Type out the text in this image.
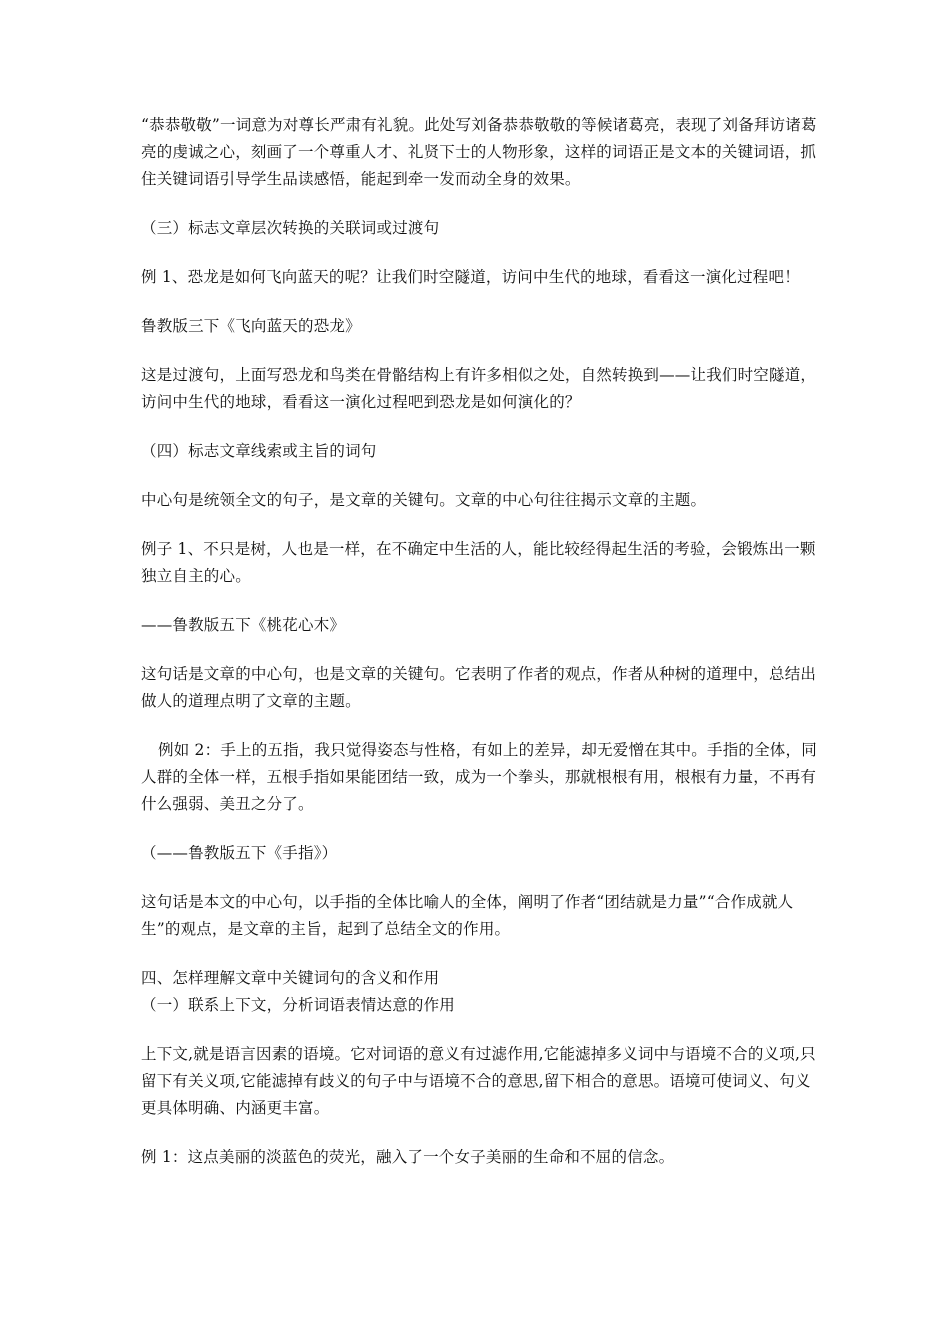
“恭恭敬敬”一词意为对尊长严肃有礼貌。此处写刘备恭恭敬敬的等候诸葛亮，表现了刘备拜访诸葛亮的虔诚之心，刻画了一个尊重人才、礼贤下士的人物形象，这样的词语正是文本的关键词语，抓住关键词语引导学生品读感悟，能起到牵一发而动全身的效果。

（三）标志文章层次转换的关联词或过渡句

例 1、恐龙是如何飞向蓝天的呢？让我们时空隧道，访问中生代的地球，看看这一演化过程吧！

鲁教版三下《飞向蓝天的恐龙》

这是过渡句，上面写恐龙和鸟类在骨骼结构上有许多相似之处，自然转换到——让我们时空隧道，访问中生代的地球，看看这一演化过程吧到恐龙是如何演化的？

（四）标志文章线索或主旨的词句

中心句是统领全文的句子，是文章的关键句。文章的中心句往往揭示文章的主题。

例子 1、不只是树，人也是一样，在不确定中生活的人，能比较经得起生活的考验，会锻炼出一颗独立自主的心。

——鲁教版五下《桃花心木》

这句话是文章的中心句，也是文章的关键句。它表明了作者的观点，作者从种树的道理中，总结出做人的道理点明了文章的主题。

例如 2：手上的五指，我只觉得姿态与性格，有如上的差异，却无爱憎在其中。手指的全体，同人群的全体一样，五根手指如果能团结一致，成为一个拳头，那就根根有用，根根有力量，不再有什么强弱、美丑之分了。

（——鲁教版五下《手指》）

这句话是本文的中心句，以手指的全体比喻人的全体，阐明了作者“团结就是力量”“合作成就人生”的观点，是文章的主旨，起到了总结全文的作用。

四、怎样理解文章中关键词句的含义和作用

（一）联系上下文，分析词语表情达意的作用

上下文,就是语言因素的语境。它对词语的意义有过滤作用,它能滤掉多义词中与语境不合的义项,只留下有关义项,它能滤掉有歧义的句子中与语境不合的意思,留下相合的意思。语境可使词义、句义更具体明确、内涵更丰富。

例 1：这点美丽的淡蓝色的荧光，融入了一个女子美丽的生命和不屈的信念。
